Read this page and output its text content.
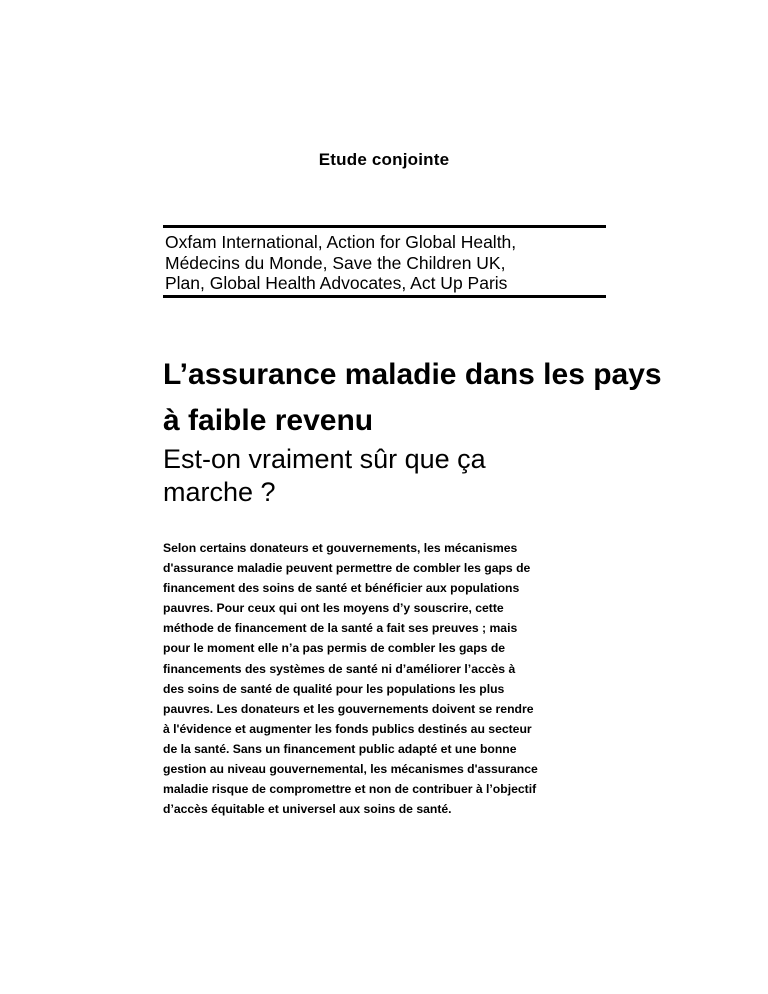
Etude conjointe
Oxfam International, Action for Global Health,
Médecins du Monde, Save the Children UK,
Plan, Global Health Advocates, Act Up Paris
L’assurance maladie dans les pays
à faible revenu
Est-on vraiment sûr que ça
marche ?
Selon certains donateurs et gouvernements, les mécanismes
d'assurance maladie peuvent permettre de combler les gaps de
financement des soins de santé et bénéficier aux populations
pauvres. Pour ceux qui ont les moyens d’y souscrire, cette
méthode de financement de la santé a fait ses preuves ; mais
pour le moment elle n’a pas permis de combler les gaps de
financements des systèmes de santé ni d’améliorer l’accès à
des soins de santé de qualité pour les populations les plus
pauvres. Les donateurs et les gouvernements doivent se rendre
à l'évidence et augmenter les fonds publics destinés au secteur
de la santé. Sans un financement public adapté et une bonne
gestion au niveau gouvernemental, les mécanismes d'assurance
maladie risque de compromettre et non de contribuer à l’objectif
d’accès équitable et universel aux soins de santé.
